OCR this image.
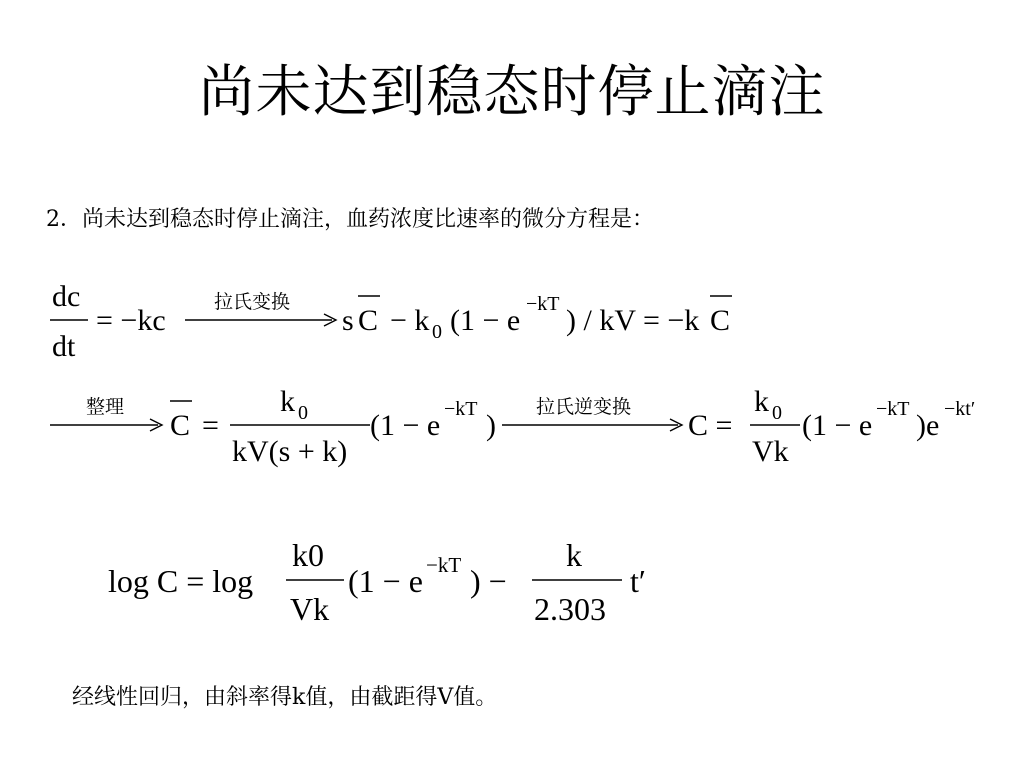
尚未达到稳态时停止滴注
2．尚未达到稳态时停止滴注，血药浓度比速率的微分方程是：
dc
dt
= −kc
拉氏变换
s C − k 0 (1 − e −kT ) / kV = −k C
整理
C =
k 0
kV(s + k)
(1 − e −kT )
拉氏逆变换
C =
k 0
Vk
(1 − e −kT )e −kt′
log C = log
k0
Vk
(1 − e −kT ) −
k
2.303
t′
经线性回归，由斜率得k值，由截距得V值。
